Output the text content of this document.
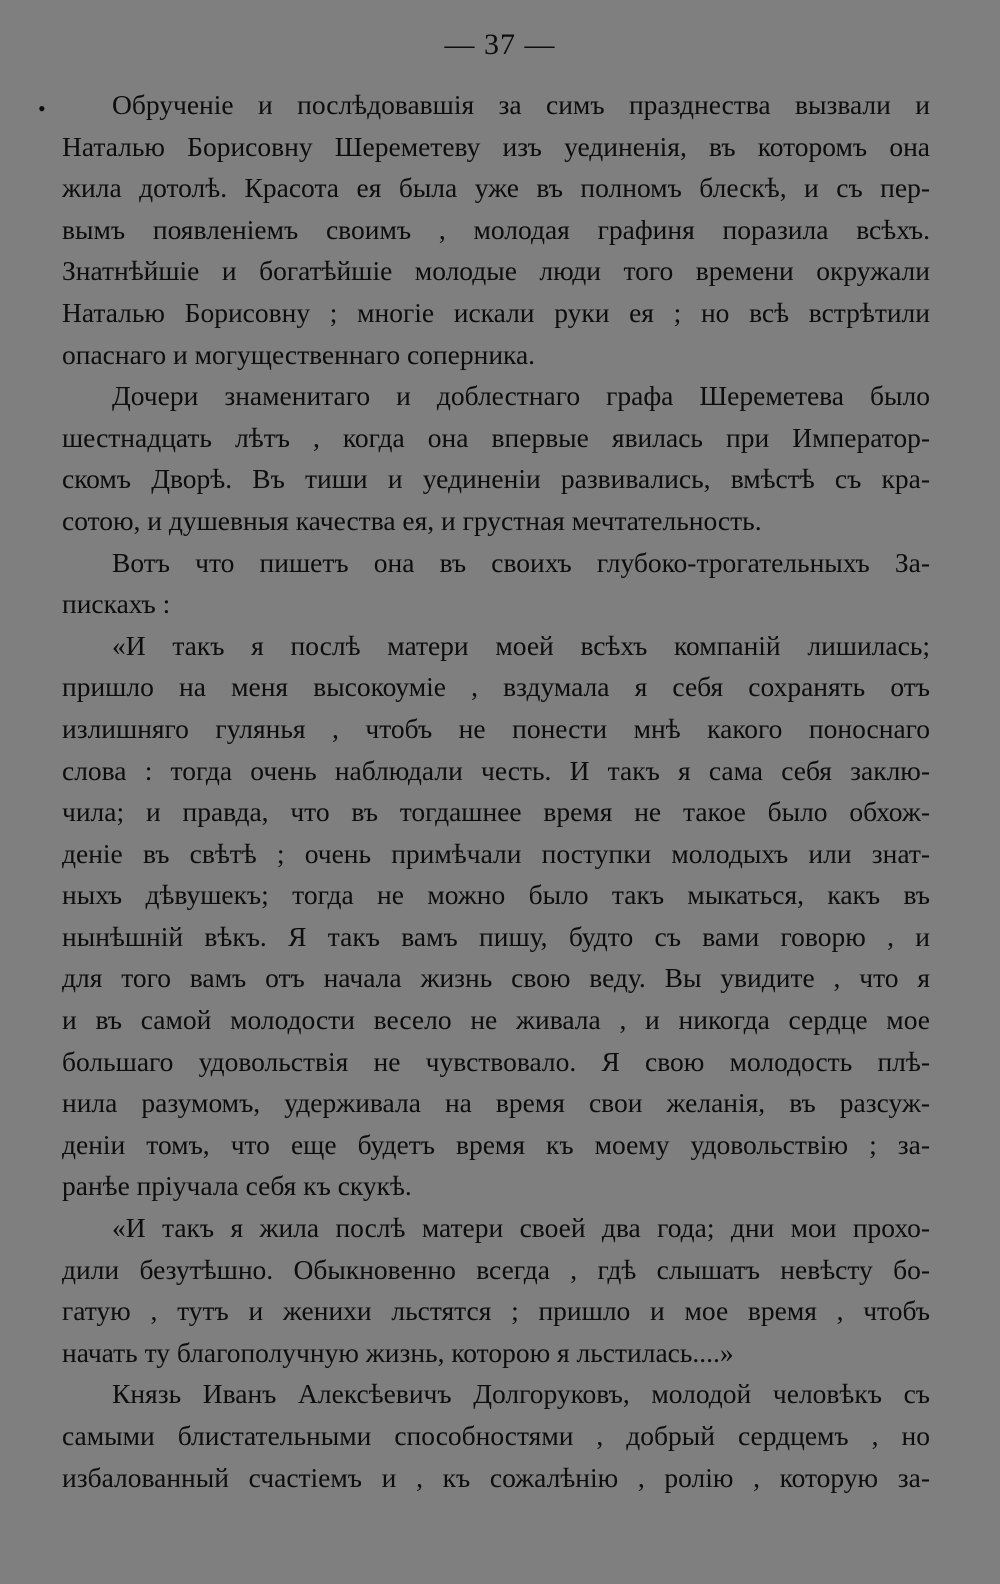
— 37 —
•	Обрученіе и послѣдовавшія за симъ празднества вызвали и
Наталью Борисовну Шереметеву изъ уединенія, въ которомъ она
жила дотолѣ. Красота ея была уже въ полномъ блескѣ, и съ пер-
вымъ появленіемъ своимъ , молодая графиня поразила всѣхъ.
Знатнѣйшіе и богатѣйшіе молодые люди того времени окружали
Наталью Борисовну ; многіе искали руки ея ; но всѣ встрѣтили
опаснаго и могущественнаго соперника.
Дочери знаменитаго и доблестнаго графа Шереметева было
шестнадцать лѣтъ , когда она впервые явилась при Император-
скомъ Дворѣ. Въ тиши и уединеніи развивались, вмѣстѣ съ кра-
сотою, и душевныя качества ея, и грустная мечтательность.
Вотъ что пишетъ она въ своихъ глубоко-трогательныхъ За-
пискахъ :
«И такъ я послѣ матери моей всѣхъ компаній лишилась;
пришло на меня высокоуміе , вздумала я себя сохранять отъ
излишняго гулянья , чтобъ не понести мнѣ какого поноснаго
слова : тогда очень наблюдали честь. И такъ я сама себя заклю-
чила; и правда, что въ тогдашнее время не такое было обхож-
деніе въ свѣтѣ ; очень примѣчали поступки молодыхъ или знат-
ныхъ дѣвушекъ; тогда не можно было такъ мыкаться, какъ въ
нынѣшній вѣкъ. Я такъ вамъ пишу, будто съ вами говорю , и
для того вамъ отъ начала жизнь свою веду. Вы увидите , что я
и въ самой молодости весело не живала , и никогда сердце мое
большаго удовольствія не чувствовало. Я свою молодость плѣ-
нила разумомъ, удерживала на время свои желанія, въ разсуж-
деніи томъ, что еще будетъ время къ моему удовольствію ; за-
ранѣе пріучала себя къ скукѣ.
«И такъ я жила послѣ матери своей два года; дни мои прохо-
дили безутѣшно. Обыкновенно всегда , гдѣ слышатъ невѣсту бо-
гатую , тутъ и женихи льстятся ; пришло и мое время , чтобъ
начать ту благополучную жизнь, которою я льстилась....»
Князь Иванъ Алексѣевичъ Долгоруковъ, молодой человѣкъ съ
самыми блистательными способностями , добрый сердцемъ , но
избалованный счастіемъ и , къ сожалѣнію , ролію , которую за-
